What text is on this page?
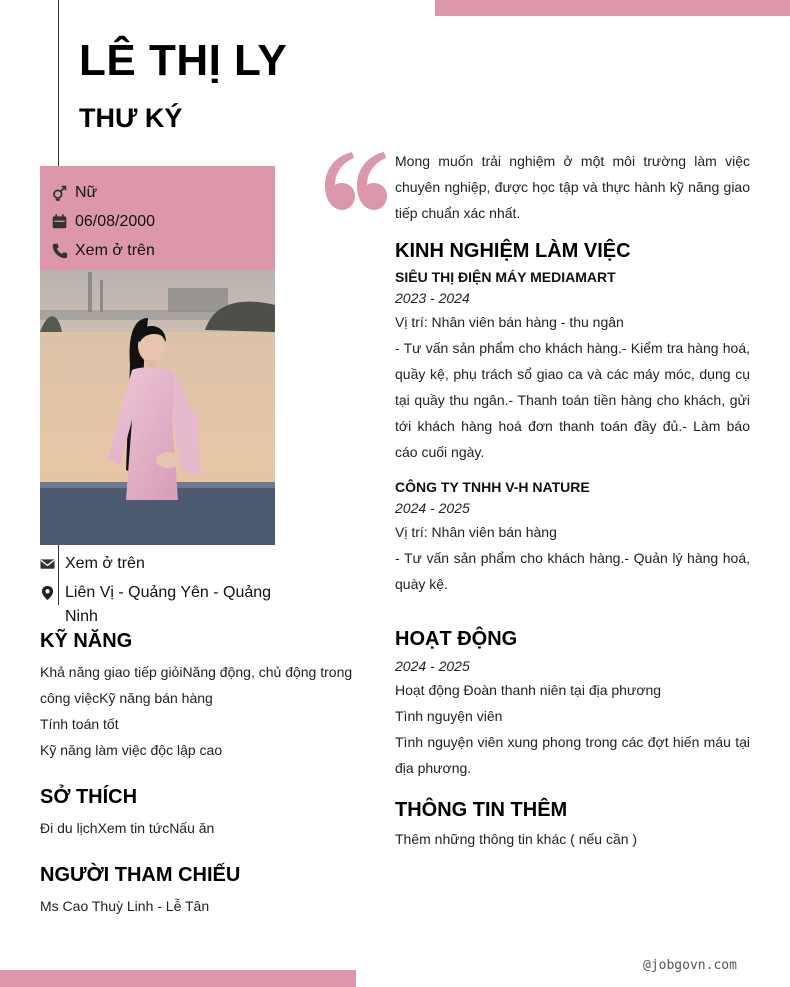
LÊ THỊ LY
THƯ KÝ
Nữ
06/08/2000
Xem ở trên
Xem ở trên
Liên Vị - Quảng Yên - Quảng Ninh
KỸ NĂNG

Khả năng giao tiếp giỏiNăng động, chủ động trong công việcKỹ năng bán hàng

Tính toán tốt

Kỹ năng làm việc độc lập cao

SỞ THÍCH

Đi du lịchXem tin tứcNấu ăn

NGƯỜI THAM CHIẾU

Ms Cao Thuỳ Linh - Lễ Tân

Mong muốn trải nghiệm ở một môi trường làm việc chuyên nghiệp, được học tập và thực hành kỹ năng giao tiếp chuẩn xác nhất.

KINH NGHIỆM LÀM VIỆC
SIÊU THỊ ĐIỆN MÁY MEDIAMART
2023 - 2024

Vị trí: Nhân viên bán hàng - thu ngân

- Tư vấn sản phẩm cho khách hàng.- Kiểm tra hàng hoá, quầy kệ, phụ trách sổ giao ca và các máy móc, dụng cụ tại quầy thu ngân.- Thanh toán tiền hàng cho khách, gửi tới khách hàng hoá đơn thanh toán đầy đủ.- Làm báo cáo cuối ngày.

CÔNG TY TNHH V-H NATURE
2024 - 2025

Vị trí: Nhân viên bán hàng

- Tư vấn sản phẩm cho khách hàng.- Quản lý hàng hoá, quày kệ.

HOẠT ĐỘNG
2024 - 2025

Hoạt động Đoàn thanh niên tại địa phương

Tình nguyện viên

Tình nguyện viên xung phong trong các đợt hiến máu tại địa phương.

THÔNG TIN THÊM

Thêm những thông tin khác ( nếu cần )

@jobgovn.com
